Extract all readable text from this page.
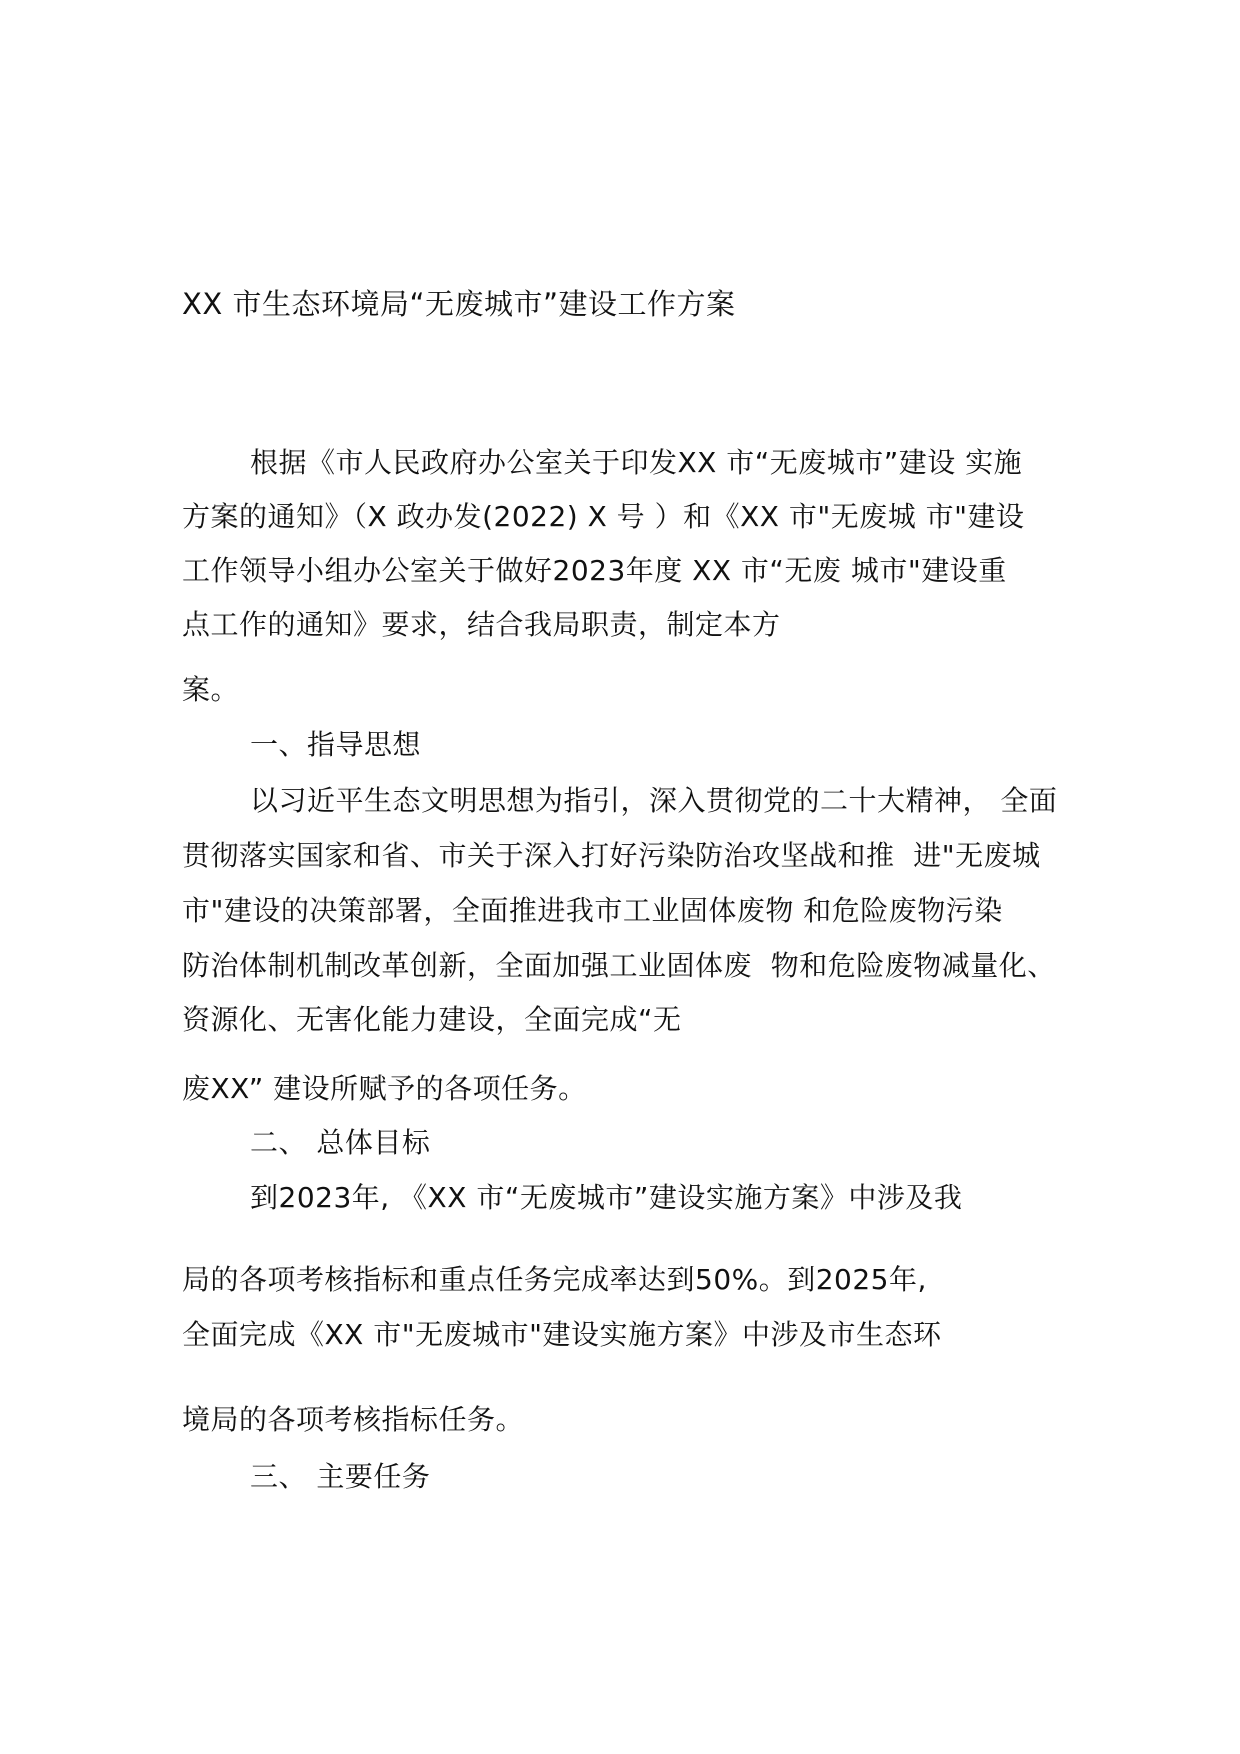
XX 市生态环境局“无废城市”建设工作方案
根据《市人民政府办公室关于印发XX 市“无废城市”建设 实施
方案的通知》（X 政办发(2022) X 号 ）和《XX 市"无废城 市"建设
工作领导小组办公室关于做好2023年度 XX 市“无废 城市"建设重
点工作的通知》要求，结合我局职责，制定本方
案。
一、指导思想
以习近平生态文明思想为指引，深入贯彻党的二十大精神， 全面
贯彻落实国家和省、市关于深入打好污染防治攻坚战和推  进"无废城
市"建设的决策部署，全面推进我市工业固体废物 和危险废物污染
防治体制机制改革创新，全面加强工业固体废  物和危险废物减量化、
资源化、无害化能力建设，全面完成“无
废XX” 建设所赋予的各项任务。
二、 总体目标
到2023年, 《XX 市“无废城市”建设实施方案》中涉及我
局的各项考核指标和重点任务完成率达到50%。到2025年,
全面完成《XX 市"无废城市"建设实施方案》中涉及市生态环
境局的各项考核指标任务。
三、 主要任务
